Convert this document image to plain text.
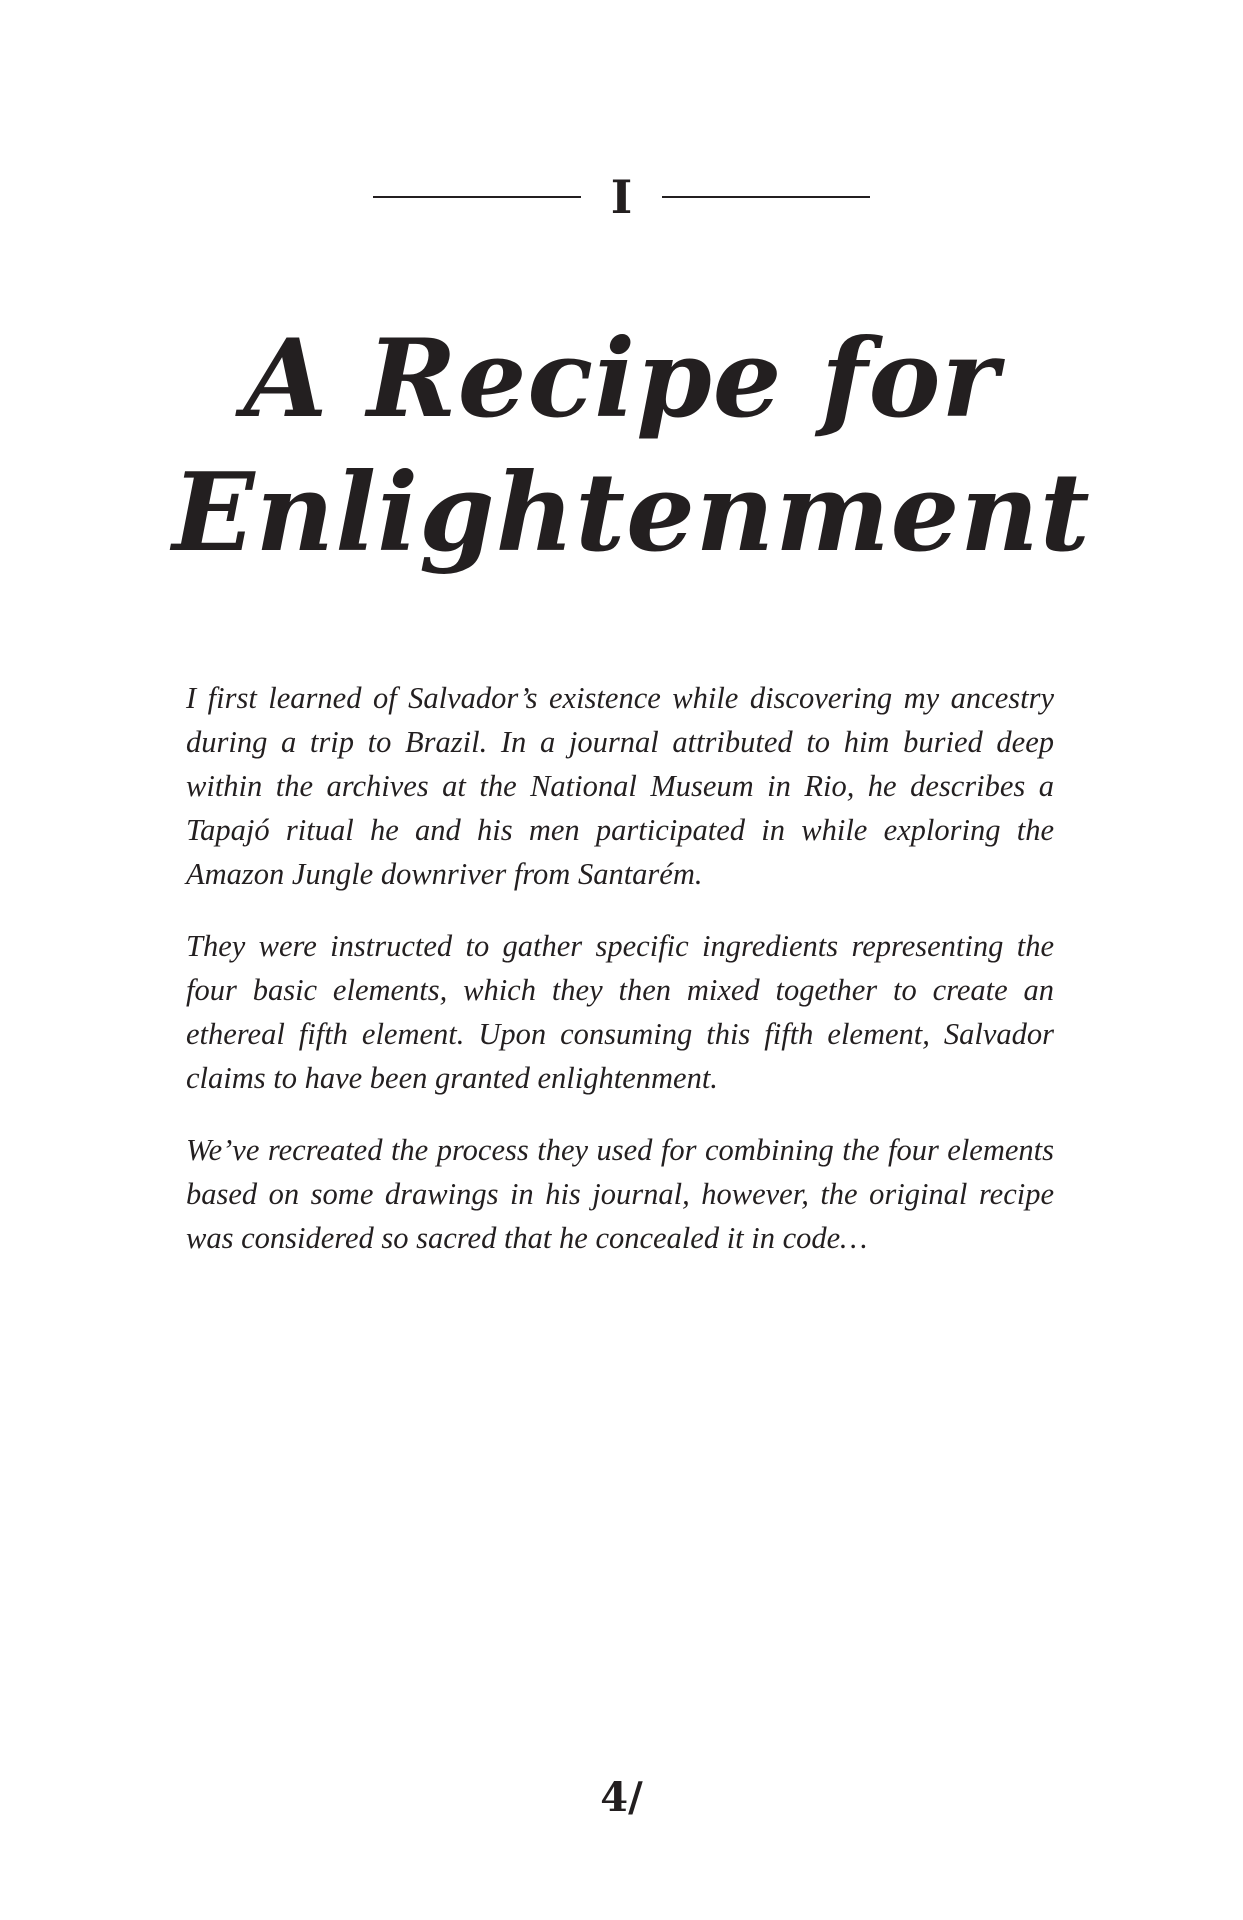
I
A Recipe for
Enlightenment

I first learned of Salvador’s existence while discovering my ancestry during a trip to Brazil. In a journal attributed to him buried deep within the archives at the National Museum in Rio, he describes a Tapajó ritual he and his men participated in while exploring the Amazon Jungle downriver from Santarém.

They were instructed to gather specific ingredients representing the four basic elements, which they then mixed together to create an ethereal fifth element. Upon consuming this fifth element, Salvador claims to have been granted enlightenment.

We’ve recreated the process they used for combining the four elements based on some drawings in his journal, however, the original recipe was considered so sacred that he concealed it in code…

4/
